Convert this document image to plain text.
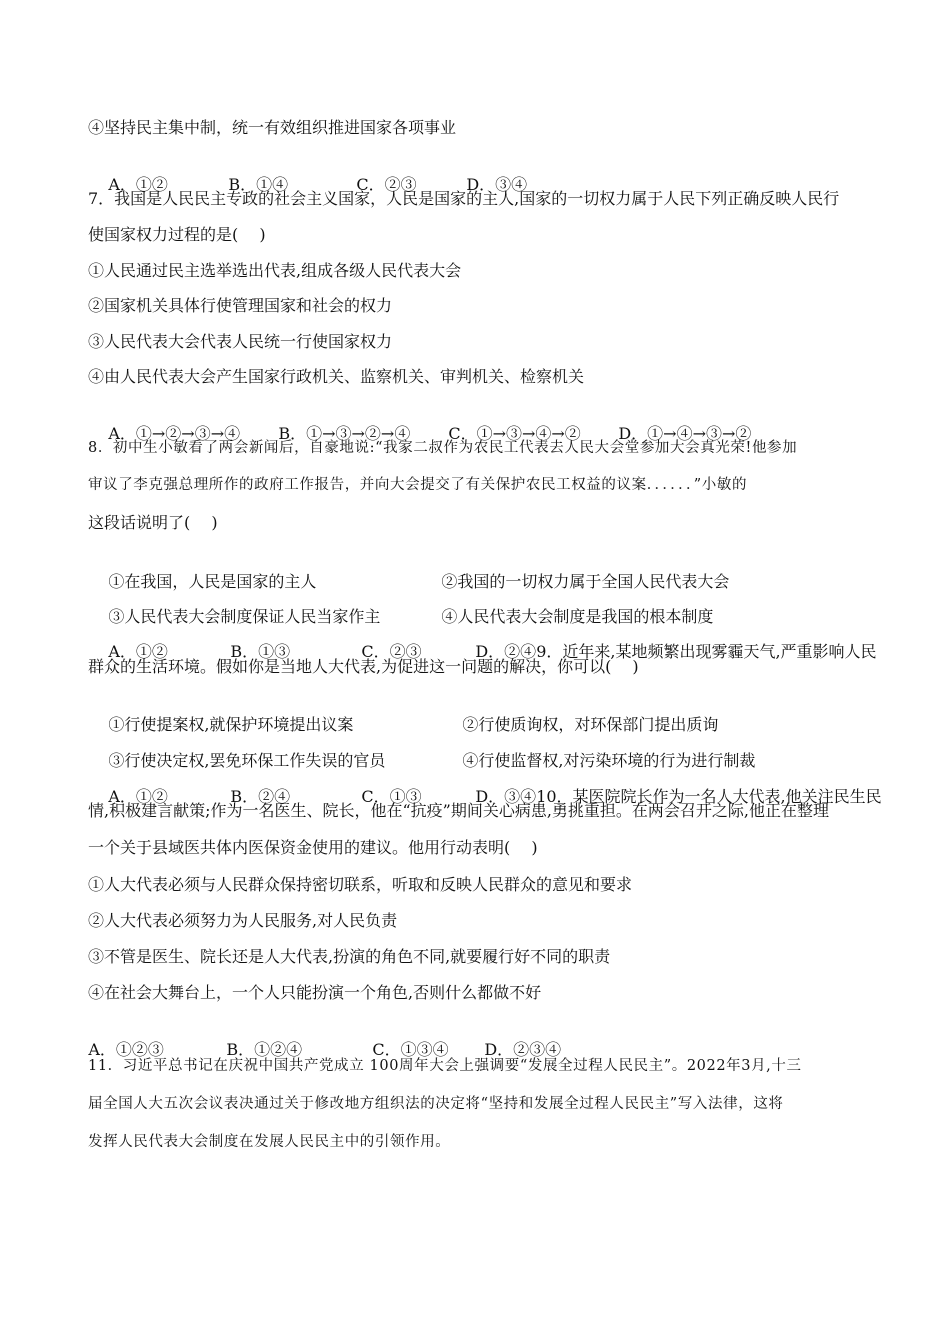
④坚持民主集中制，统一有效组织推进国家各项事业

A．①②	B．①④	C．②③	D．③④

7．我国是人民民主专政的社会主义国家，人民是国家的主人,国家的一切权力属于人民下列正确反映人民行
使国家权力过程的是(　 )
①人民通过民主选举选出代表,组成各级人民代表大会
②国家机关具体行使管理国家和社会的权力
③人民代表大会代表人民统一行使国家权力
④由人民代表大会产生国家行政机关、监察机关、审判机关、检察机关

A．①→②→③→④ B．①→③→②→④ C．①→③→④→② D．①→④→③→②

8．初中生小敏看了两会新闻后，自豪地说:“我家二叔作为农民工代表去人民大会堂参加大会真光荣!他参加
审议了李克强总理所作的政府工作报告，并向大会提交了有关保护农民工权益的议案．．．．．．”小敏的
这段话说明了(　 )

①在我国，人民是国家的主人	②我国的一切权力属于全国人民代表大会

③人民代表大会制度保证人民当家作主	④人民代表大会制度是我国的根本制度

A．①②	B．①③	C．②③	D．②④9．近年来,某地频繁出现雾霾天气,严重影响人民

群众的生活环境。假如你是当地人大代表,为促进这一问题的解决，你可以(　 )

①行使提案权,就保护环境提出议案	②行使质询权，对环保部门提出质询

③行使决定权,罢免环保工作失误的官员	④行使监督权,对污染环境的行为进行制裁

A．①②	B．②④	C．①③	D．③④10．某医院院长作为一名人大代表,他关注民生民

情,积极建言献策;作为一名医生、院长，他在“抗疫”期间关心病患,勇挑重担。在两会召开之际,他正在整理
一个关于县域医共体内医保资金使用的建议。他用行动表明(　 )
①人大代表必须与人民群众保持密切联系，听取和反映人民群众的意见和要求
②人大代表必须努力为人民服务,对人民负责
③不管是医生、院长还是人大代表,扮演的角色不同,就要履行好不同的职责
④在社会大舞台上，一个人只能扮演一个角色,否则什么都做不好

A．①②③	B．①②④	C．①③④ D．②③④

11．习近平总书记在庆祝中国共产党成立 100周年大会上强调要“发展全过程人民民主”。2022年3月,十三
届全国人大五次会议表决通过关于修改地方组织法的决定将“坚持和发展全过程人民民主”写入法律，这将
发挥人民代表大会制度在发展人民民主中的引领作用。
